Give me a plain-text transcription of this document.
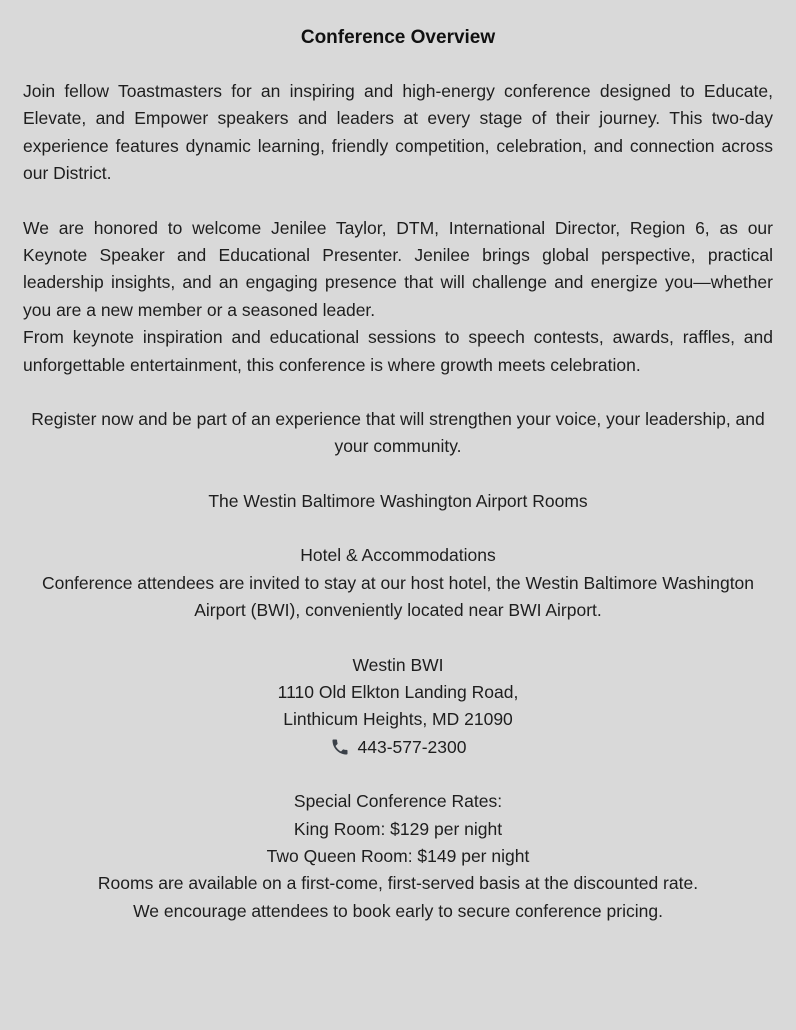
Conference Overview

Join fellow Toastmasters for an inspiring and high-energy conference designed to Educate, Elevate, and Empower speakers and leaders at every stage of their journey. This two-day experience features dynamic learning, friendly competition, celebration, and connection across our District.

We are honored to welcome Jenilee Taylor, DTM, International Director, Region 6, as our Keynote Speaker and Educational Presenter. Jenilee brings global perspective, practical leadership insights, and an engaging presence that will challenge and energize you—whether you are a new member or a seasoned leader.

From keynote inspiration and educational sessions to speech contests, awards, raffles, and unforgettable entertainment, this conference is where growth meets celebration.

Register now and be part of an experience that will strengthen your voice, your leadership, and your community.

The Westin Baltimore Washington Airport Rooms

Hotel & Accommodations

Conference attendees are invited to stay at our host hotel, the Westin Baltimore Washington Airport (BWI), conveniently located near BWI Airport.

Westin BWI

1110 Old Elkton Landing Road,

Linthicum Heights, MD 21090

443-577-2300

Special Conference Rates:

King Room: $129 per night

Two Queen Room: $149 per night

Rooms are available on a first-come, first-served basis at the discounted rate.

We encourage attendees to book early to secure conference pricing.
